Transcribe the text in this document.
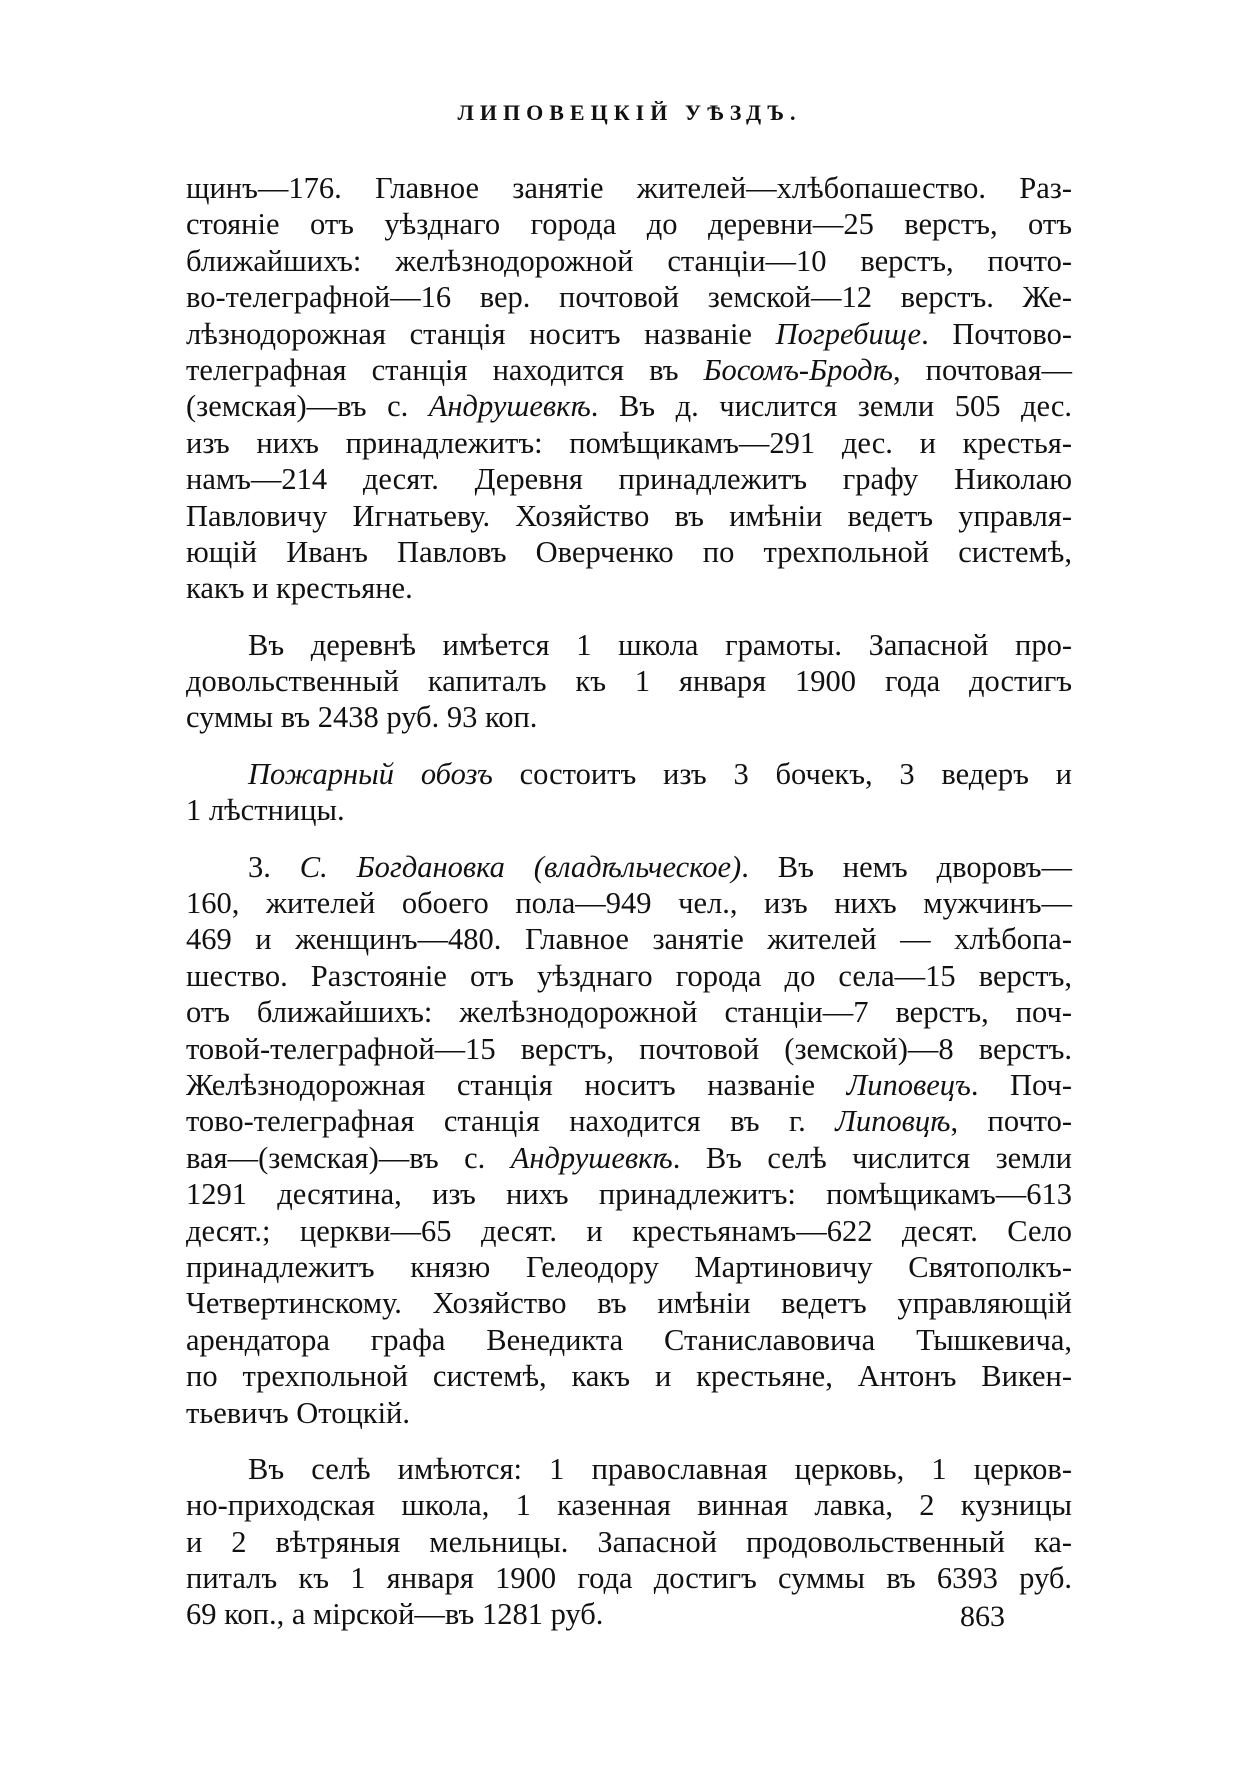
ЛИПОВЕЦКІЙ УѢЗДЪ.
щинъ—176. Главное занятіе жителей—хлѣбопашество. Раз-
стояніе отъ уѣзднаго города до деревни—25 верстъ, отъ
ближайшихъ: желѣзнодорожной станціи—10 верстъ, почто-
во-телеграфной—16 вер. почтовой земской—12 верстъ. Же-
лѣзнодорожная станція носитъ названіе Погребище. Почтово-
телеграфная станція находится въ Босомъ-Бродѣ, почтовая—
(земская)—въ с. Андрушевкѣ. Въ д. числится земли 505 дес.
изъ нихъ принадлежитъ: помѣщикамъ—291 дес. и крестья-
намъ—214 десят. Деревня принадлежитъ графу Николаю
Павловичу Игнатьеву. Хозяйство въ имѣніи ведетъ управля-
ющій Иванъ Павловъ Оверченко по трехпольной системѣ,
какъ и крестьяне.
Въ деревнѣ имѣется 1 школа грамоты. Запасной про-
довольственный капиталъ къ 1 января 1900 года достигъ
суммы въ 2438 руб. 93 коп.
Пожарный обозъ состоитъ изъ 3 бочекъ, 3 ведеръ и
1 лѣстницы.
3. С. Богдановка (владѣльческое). Въ немъ дворовъ—
160, жителей обоего пола—949 чел., изъ нихъ мужчинъ—
469 и женщинъ—480. Главное занятіе жителей — хлѣбопа-
шество. Разстояніе отъ уѣзднаго города до села—15 верстъ,
отъ ближайшихъ: желѣзнодорожной станціи—7 верстъ, поч-
товой-телеграфной—15 верстъ, почтовой (земской)—8 верстъ.
Желѣзнодорожная станція носитъ названіе Липовецъ. Поч-
тово-телеграфная станція находится въ г. Липовцѣ, почто-
вая—(земская)—въ с. Андрушевкѣ. Въ селѣ числится земли
1291 десятина, изъ нихъ принадлежитъ: помѣщикамъ—613
десят.; церкви—65 десят. и крестьянамъ—622 десят. Село
принадлежитъ князю Гелеодору Мартиновичу Святополкъ-
Четвертинскому. Хозяйство въ имѣніи ведетъ управляющій
арендатора графа Венедикта Станиславовича Тышкевича,
по трехпольной системѣ, какъ и крестьяне, Антонъ Викен-
тьевичъ Отоцкій.
Въ селѣ имѣются: 1 православная церковь, 1 церков-
но-приходская школа, 1 казенная винная лавка, 2 кузницы
и 2 вѣтряныя мельницы. Запасной продовольственный ка-
питалъ къ 1 января 1900 года достигъ суммы въ 6393 руб.
69 коп., а мірской—въ 1281 руб.	863
